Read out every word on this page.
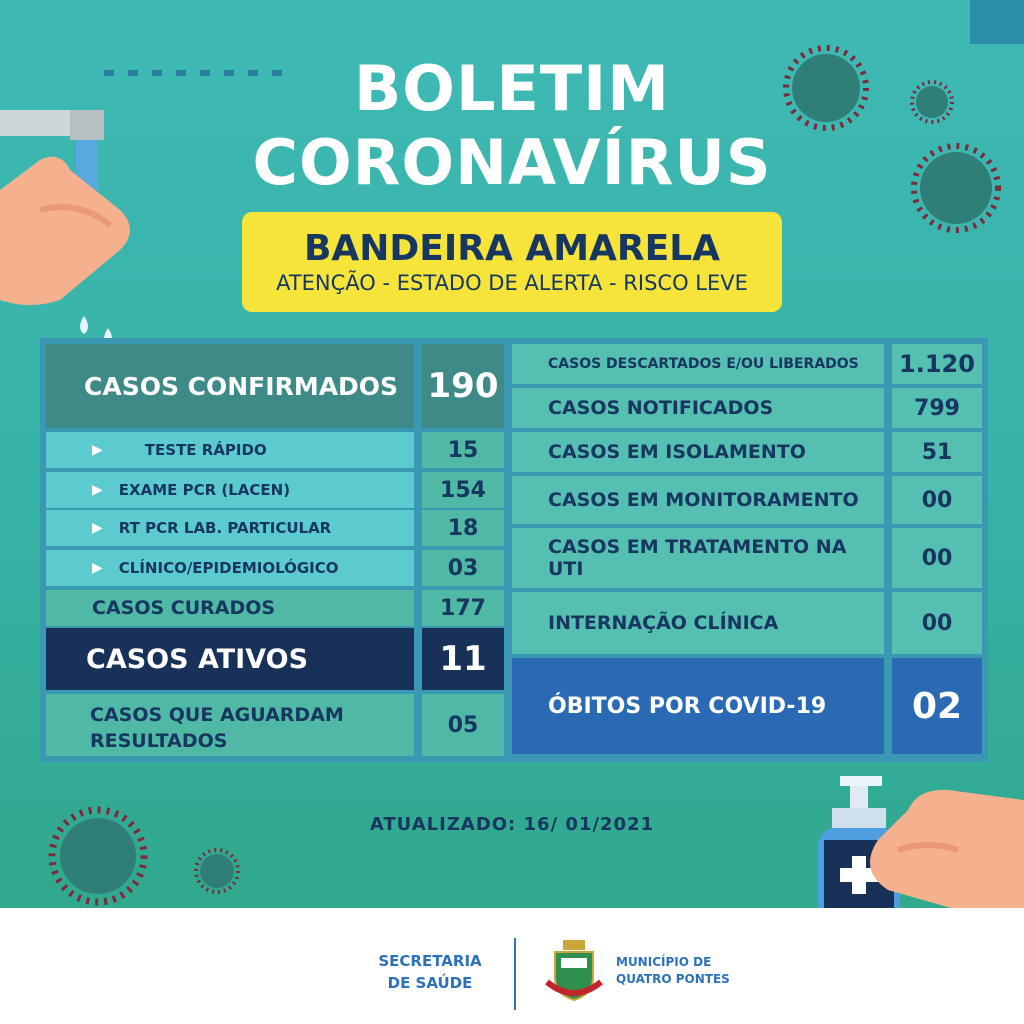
BOLETIM
CORONAVÍRUS
BANDEIRA AMARELA
ATENÇÃO - ESTADO DE ALERTA - RISCO LEVE
CASOS CONFIRMADOS 190
▶	TESTE RÁPIDO	15
▶ EXAME PCR (LACEN)	154
▶ RT PCR LAB. PARTICULAR	18
▶ CLÍNICO/EPIDEMIOLÓGICO	03
CASOS CURADOS	177
CASOS ATIVOS	11
CASOS QUE AGUARDAM
RESULTADOS
05
CASOS DESCARTADOS E/OU LIBERADOS	1.120
CASOS NOTIFICADOS	799
CASOS EM ISOLAMENTO	51
CASOS EM MONITORAMENTO	00
CASOS EM TRATAMENTO NA UTI	00
INTERNAÇÃO CLÍNICA	00
ÓBITOS POR COVID-19	02
ATUALIZADO: 16/ 01/2021
SECRETARIA
DE SAÚDE
MUNICÍPIO DE
QUATRO PONTES
